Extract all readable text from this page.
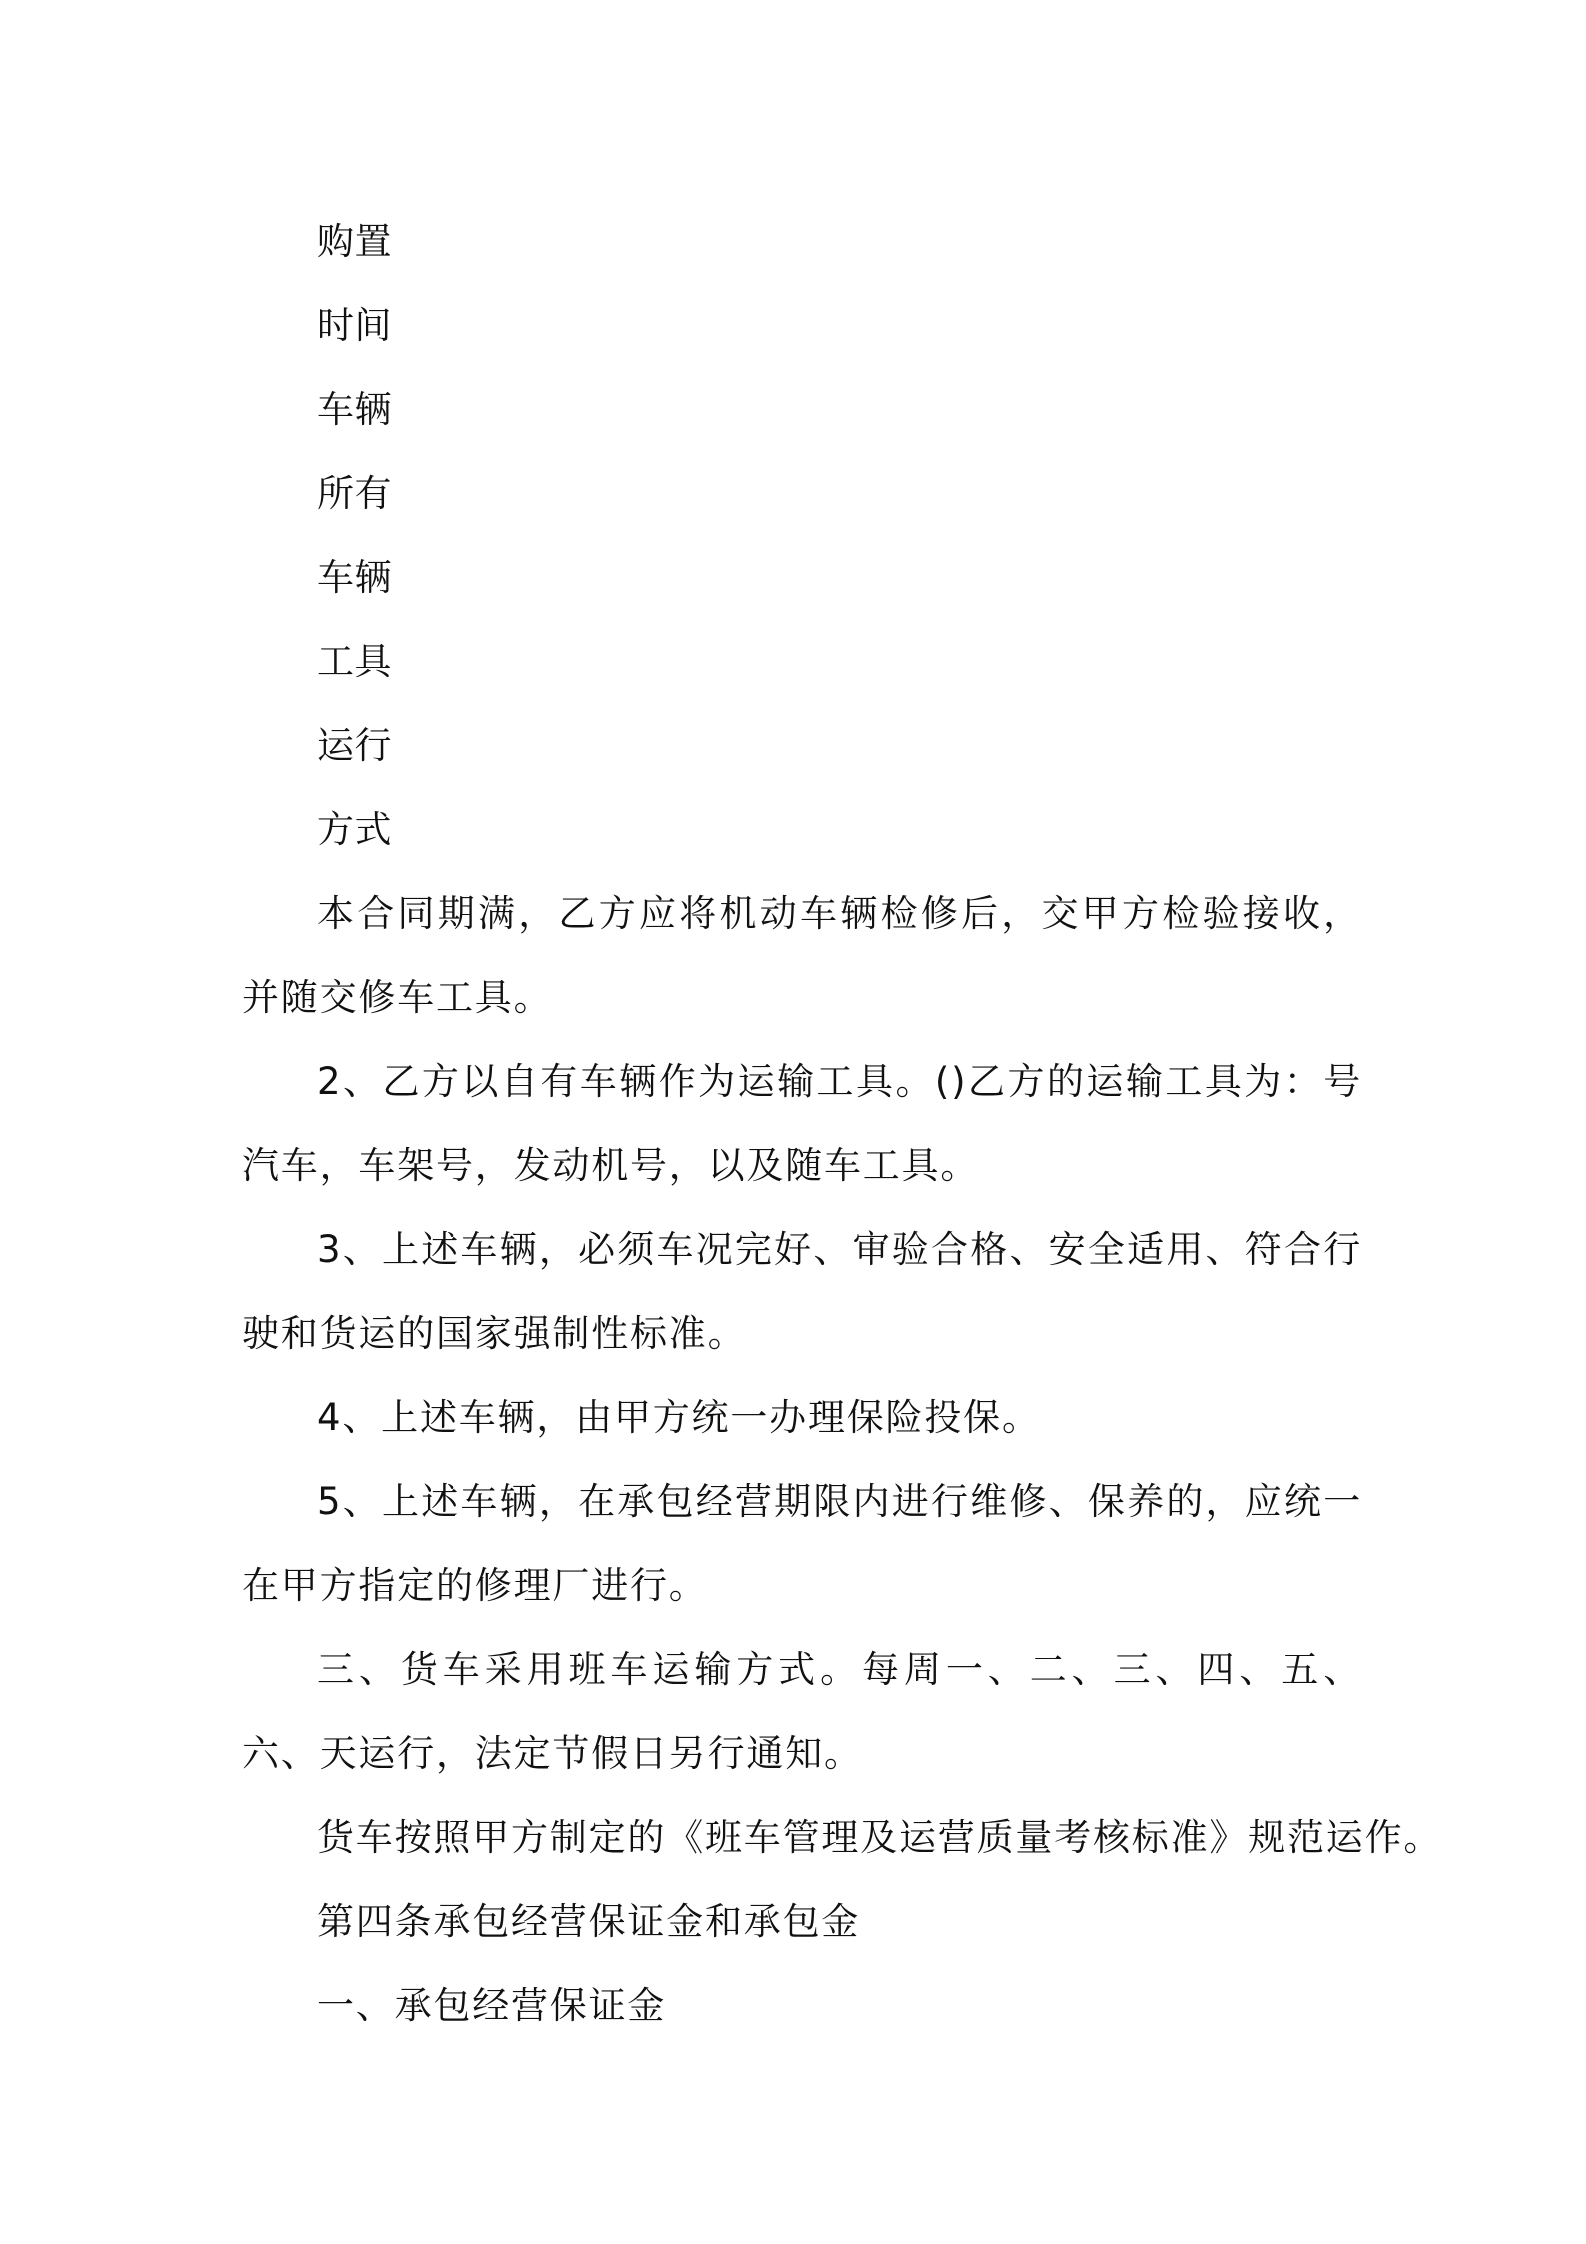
购置
时间
车辆
所有
车辆
工具
运行
方式

本合同期满，乙方应将机动车辆检修后，交甲方检验接收，并随交修车工具。

2、乙方以自有车辆作为运输工具。()乙方的运输工具为：号汽车，车架号，发动机号，以及随车工具。

3、上述车辆，必须车况完好、审验合格、安全适用、符合行驶和货运的国家强制性标准。

4、上述车辆，由甲方统一办理保险投保。

5、上述车辆，在承包经营期限内进行维修、保养的，应统一在甲方指定的修理厂进行。

三、货车采用班车运输方式。每周一、二、三、四、五、六、天运行，法定节假日另行通知。

货车按照甲方制定的《班车管理及运营质量考核标准》规范运作。

第四条承包经营保证金和承包金

一、承包经营保证金
